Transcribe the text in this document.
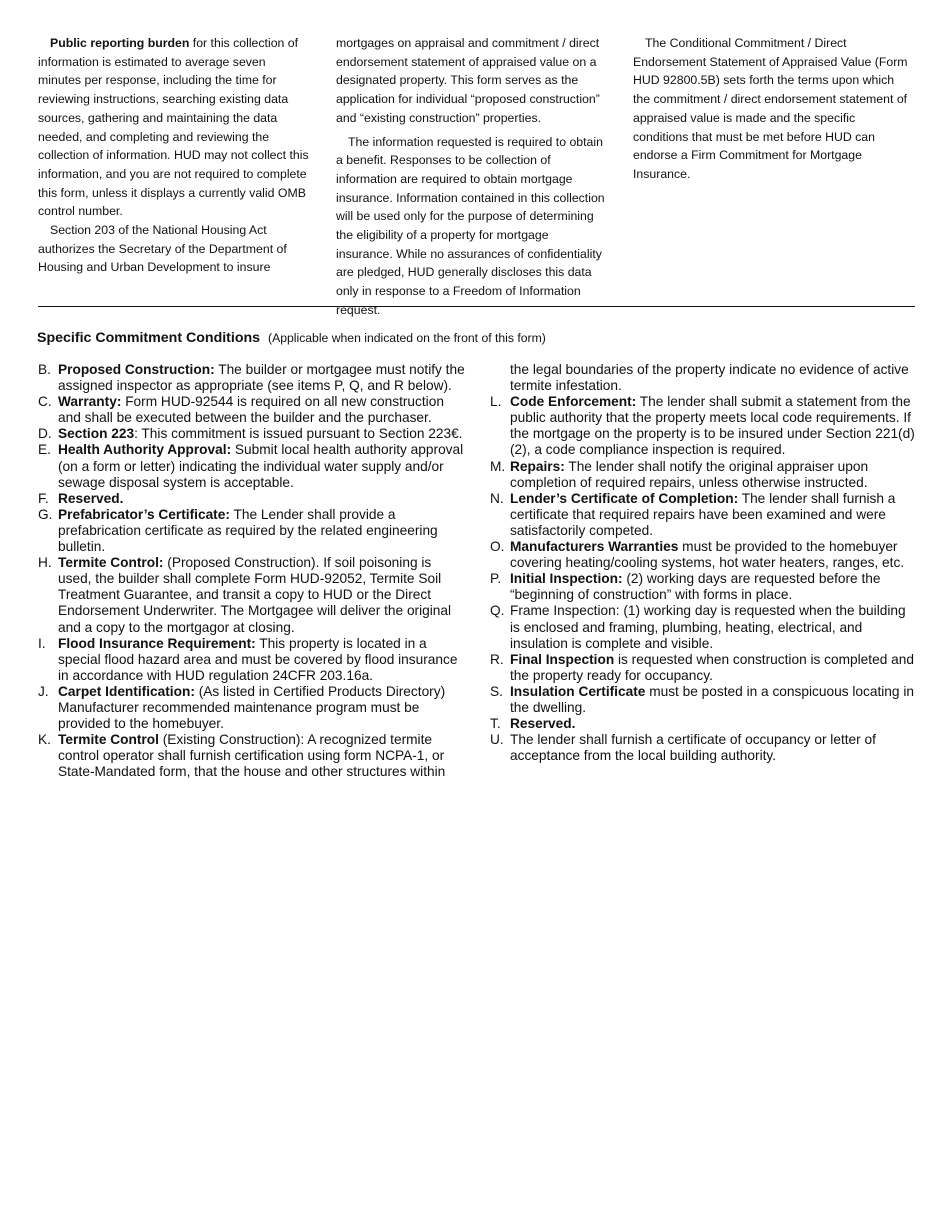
Public reporting burden for this collection of information is estimated to average seven minutes per response, including the time for reviewing instructions, searching existing data sources, gathering and maintaining the data needed, and completing and reviewing the collection of information. HUD may not collect this information, and you are not required to complete this form, unless it displays a currently valid OMB control number.

Section 203 of the National Housing Act authorizes the Secretary of the Department of Housing and Urban Development to insure

mortgages on appraisal and commitment / direct endorsement statement of appraised value on a designated property. This form serves as the application for individual “proposed construction” and “existing construction” properties.

The information requested is required to obtain a benefit. Responses to be collection of information are required to obtain mortgage insurance. Information contained in this collection will be used only for the purpose of determining the eligibility of a property for mortgage insurance. While no assurances of confidentiality are pledged, HUD generally discloses this data only in response to a Freedom of Information request.

The Conditional Commitment / Direct Endorsement Statement of Appraised Value (Form HUD 92800.5B) sets forth the terms upon which the commitment / direct endorsement statement of appraised value is made and the specific conditions that must be met before HUD can endorse a Firm Commitment for Mortgage Insurance.

Specific Commitment Conditions (Applicable when indicated on the front of this form)
B. Proposed Construction: The builder or mortgagee must notify the assigned inspector as appropriate (see items P, Q, and R below).
C. Warranty: Form HUD-92544 is required on all new construction and shall be executed between the builder and the purchaser.
D. Section 223: This commitment is issued pursuant to Section 223€.
E. Health Authority Approval: Submit local health authority approval (on a form or letter) indicating the individual water supply and/or sewage disposal system is acceptable.
F. Reserved.
G. Prefabricator’s Certificate: The Lender shall provide a prefabrication certificate as required by the related engineering bulletin.
H. Termite Control: (Proposed Construction). If soil poisoning is used, the builder shall complete Form HUD-92052, Termite Soil Treatment Guarantee, and transit a copy to HUD or the Direct Endorsement Underwriter. The Mortgagee will deliver the original and a copy to the mortgagor at closing.
I. Flood Insurance Requirement: This property is located in a special flood hazard area and must be covered by flood insurance in accordance with HUD regulation 24CFR 203.16a.
J. Carpet Identification: (As listed in Certified Products Directory) Manufacturer recommended maintenance program must be provided to the homebuyer.
K. Termite Control (Existing Construction): A recognized termite control operator shall furnish certification using form NCPA-1, or State-Mandated form, that the house and other structures within
the legal boundaries of the property indicate no evidence of active termite infestation.
L. Code Enforcement: The lender shall submit a statement from the public authority that the property meets local code requirements. If the mortgage on the property is to be insured under Section 221(d)(2), a code compliance inspection is required.
M. Repairs: The lender shall notify the original appraiser upon completion of required repairs, unless otherwise instructed.
N. Lender’s Certificate of Completion: The lender shall furnish a certificate that required repairs have been examined and were satisfactorily competed.
O. Manufacturers Warranties must be provided to the homebuyer covering heating/cooling systems, hot water heaters, ranges, etc.
P. Initial Inspection: (2) working days are requested before the “beginning of construction” with forms in place.
Q. Frame Inspection: (1) working day is requested when the building is enclosed and framing, plumbing, heating, electrical, and insulation is complete and visible.
R. Final Inspection is requested when construction is completed and the property ready for occupancy.
S. Insulation Certificate must be posted in a conspicuous locating in the dwelling.
T. Reserved.
U. The lender shall furnish a certificate of occupancy or letter of acceptance from the local building authority.
